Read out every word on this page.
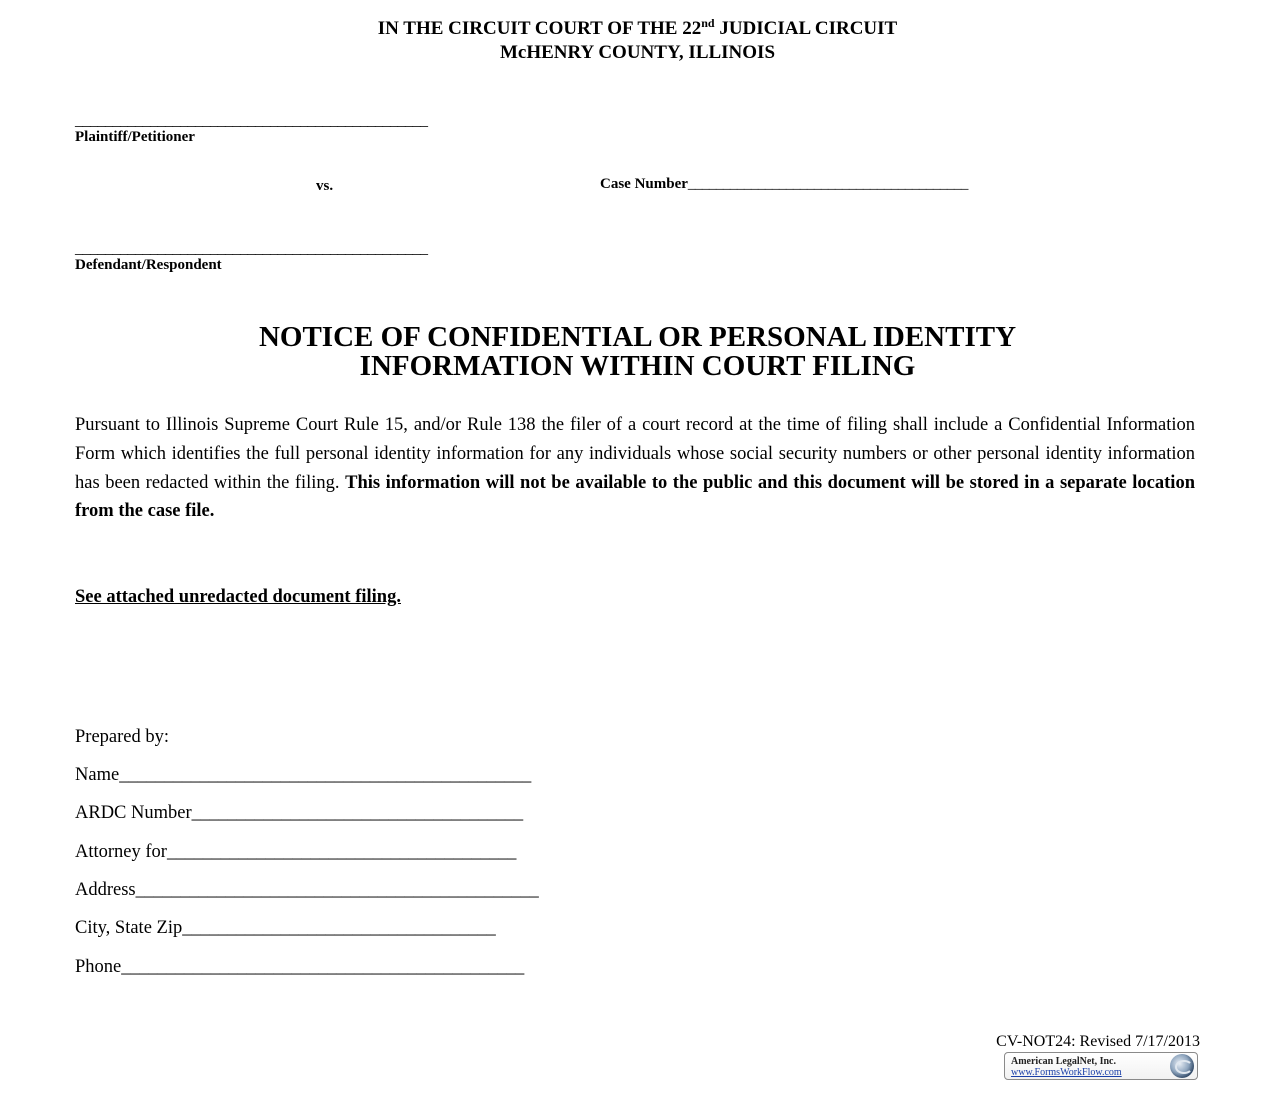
IN THE CIRCUIT COURT OF THE 22nd JUDICIAL CIRCUIT
McHENRY COUNTY, ILLINOIS
_______________________________________________
Plaintiff/Petitioner
vs.	Case Number________________________________________
_______________________________________________
Defendant/Respondent
NOTICE OF CONFIDENTIAL OR PERSONAL IDENTITY
INFORMATION WITHIN COURT FILING
Pursuant to Illinois Supreme Court Rule 15, and/or Rule 138 the filer of a court record at the time of filing shall include a Confidential Information Form which identifies the full personal identity information for any individuals whose social security numbers or other personal identity information has been redacted within the filing. This information will not be available to the public and this document will be stored in a separate location from the case file.
See attached unredacted document filing.
Prepared by:
Name______________________________________________
ARDC Number_____________________________________
Attorney for_______________________________________
Address_____________________________________________
City, State Zip___________________________________
Phone_____________________________________________
CV-NOT24: Revised 7/17/2013
American LegalNet, Inc.
www.FormsWorkFlow.com
